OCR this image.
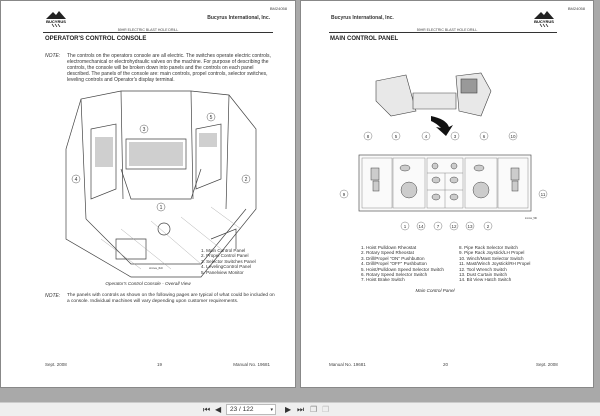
BM24058
BUCYRUS
Bucyrus International, Inc.
59HR ELECTRIC BLAST HOLE DRILL
OPERATOR'S CONTROL CONSOLE
NOTE: The controls on the operators console are all electric. The switches operate electric controls, electromechanical or electrohydraulic valves on the machine. For purpose of describing the controls, the console will be broken down into panels and the controls on each panel described. The panels of the console are: main controls, propel controls, selector switches, leveling controls and Operator's display terminal.
3
5
4
1
2
cnsva_6dr
1. Main Control Panel
2. Propel Control Panel
3. Selector Switches Panel
4. LevelingControl Panel
5. Panelview Monitor
Operator's Control Console - Overall View
NOTE: The panels with controls as shown on the following pages are typical of what could be included on a console. Individual machines will vary depending upon customer requirements.
Sept. 2008	19	Manual No. 19681
BM24058
Bucyrus International, Inc.
BUCYRUS
59HR ELECTRIC BLAST HOLE DRILL
MAIN CONTROL PANEL
8	5	4	3	6	10
9	11
1	14	7	12 13	2
mcnsv_59r
1. Hoist Pulldown Rheostat
2. Rotary Speed Rheostat
3. Drill/Propel "ON" Pushbutton
4. Drill/Propel "OFF" Pushbutton
5. Hoist/Pulldown Speed Selector Switch
6. Rotary Speed Selector Switch
7. Hoist Brake Switch
8. Pipe Rack Selector Switch
9. Pipe Rack Joystick/LH Propel
10. Winch/Mast Selector Switch
11. Mast/Winch Joystick/RH Propel
12. Tool Wrench Switch
13. Dust Curtain Switch
14. Bit View Hatch Switch
Main Control Panel
Manual No. 19681	20	Sept. 2008
⏮ ◀	23 / 122	▾ ▶ ⏭ ❐ ❐
